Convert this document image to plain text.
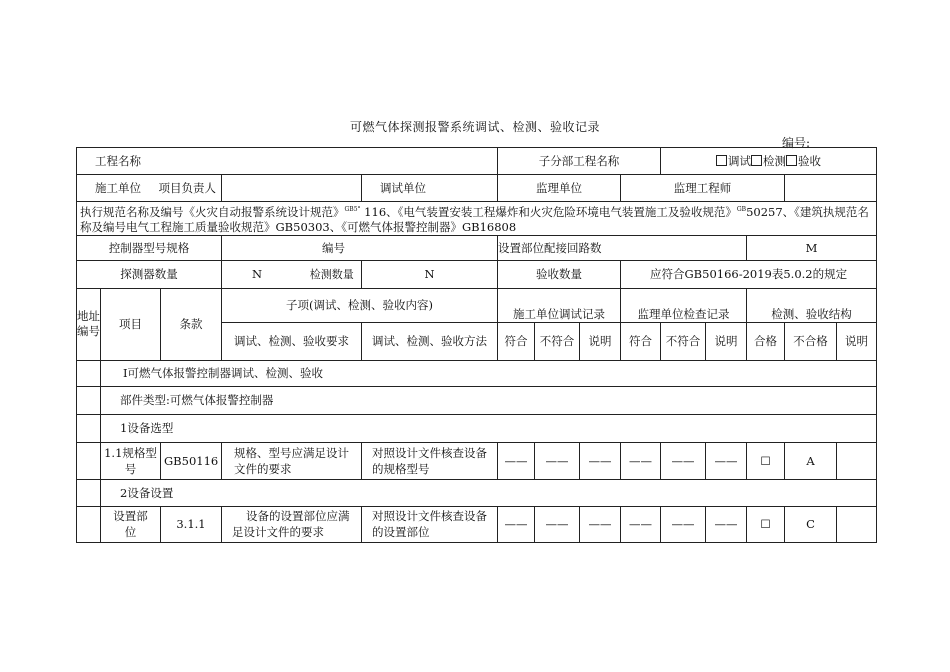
可燃气体探测报警系统调试、检测、验收记录
编号:
工程名称					子分部工程名称				调试 检测 验收				
施工单位 项目负责人				调试单位	监理单位			监理工程师					
执行规范名称及编号《火灾自动报警系统设计规范》$^{GB5^\circ}$ 116、《电气装置安装工程爆炸和火灾危险环境电气装置施工及验收规范》$^{GB}$50257、《建筑执规范名称及编号电气工程施工质量验收规范》GB50303、《可燃气体报警控制器》GB16808													
控制器型号规格			编号		设置部位配接回路数						M		
探测器数量			N 检测数量	N	验收数量			应符合GB50166-2019表5.0.2的规定					
地址编号	项目	条款	子项(调试、检测、验收内容)		施工单位调试记录			监理单位检查记录			检测、验收结构		
			调试、检测、验收要求	调试、检测、验收方法	符合	不符合	说明	符合	不符合	说明	合格	不合格	说明
	I可燃气体报警控制器调试、检测、验收												
	部件类型:可燃气体报警控制器												
	1设备选型												
	1.1规格型号	GB50116	规格、型号应满足设计文件的要求	对照设计文件核查设备的规格型号	——	——	——	——	——	——	☐	A	
	2设备设置												
	设置部位	3.1.1	设备的设置部位应满足设计文件的要求	对照设计文件核查设备的设置部位	——	——	——	——	——	——	☐	C	
